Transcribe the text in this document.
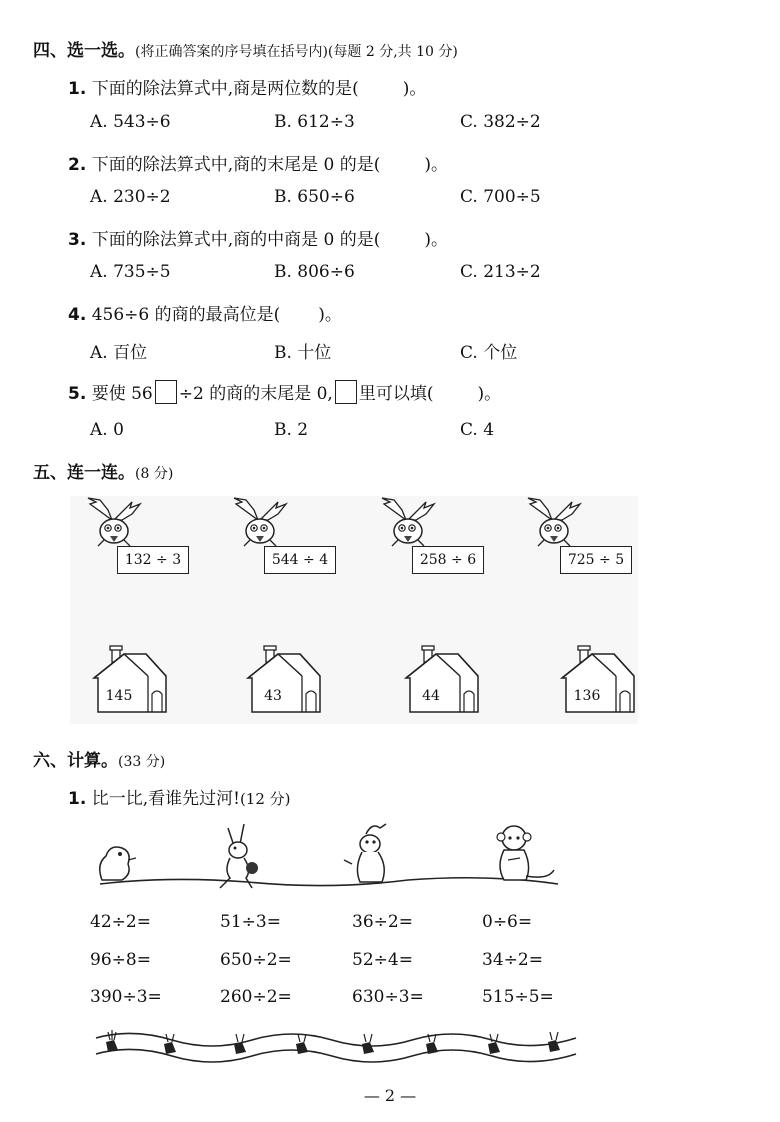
四、选一选。(将正确答案的序号填在括号内)(每题 2 分,共 10 分)
1. 下面的除法算式中,商是两位数的是(	)。
A. 543÷6	B. 612÷3	C. 382÷2
2. 下面的除法算式中,商的末尾是 0 的是(	)。
A. 230÷2	B. 650÷6	C. 700÷5
3. 下面的除法算式中,商的中商是 0 的是(	)。
A. 735÷5	B. 806÷6	C. 213÷2
4. 456÷6 的商的最高位是( )。
A. 百位	B. 十位	C. 个位
5. 要使 56 ÷2 的商的末尾是 0, 里可以填(	)。
A. 0	B. 2	C. 4
五、连一连。(8 分)
132 ÷ 3	544 ÷ 4	258 ÷ 6	725 ÷ 5
145	43	44	136
六、计算。(33 分)
1. 比一比,看谁先过河!(12 分)
42÷2=	51÷3=	36÷2=	0÷6=
96÷8=	650÷2=	52÷4=	34÷2=
390÷3=	260÷2=	630÷3=	515÷5=
— 2 —
